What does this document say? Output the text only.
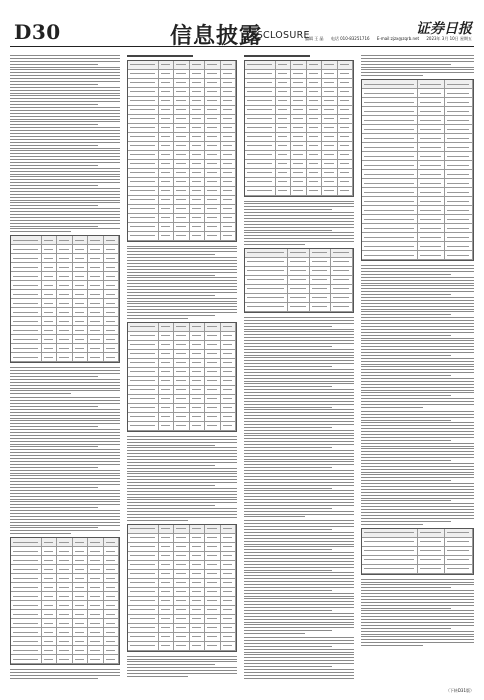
D30	信息披露
DISCLOSURE	证券日报
编辑 王 晶 电话 010-83251716 E-mail:zjzx@zqrb.net 2023年 3月 10日 星期五
（下转D31版）
